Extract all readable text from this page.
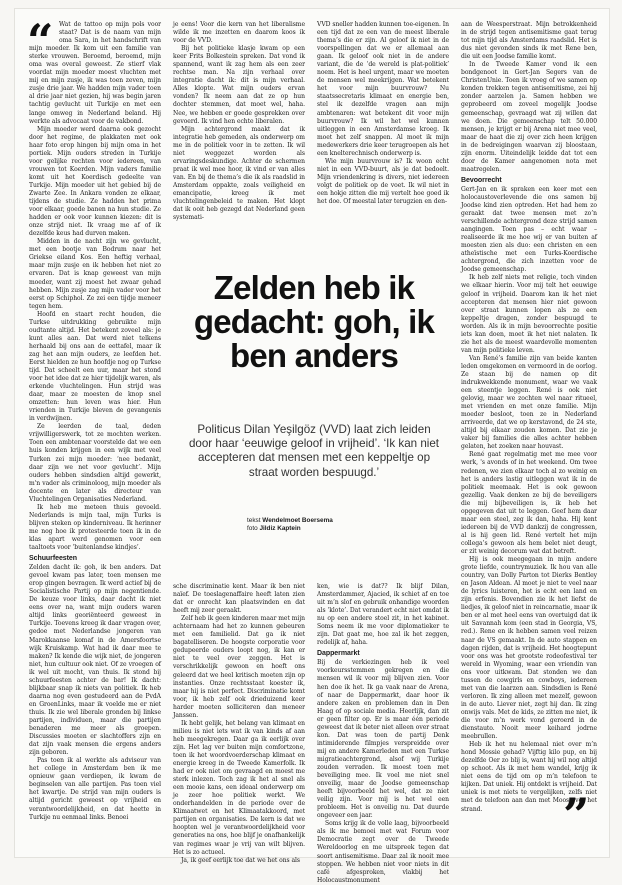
“ Wat de tattoo op mijn pols voor staat? Dat is de naam van mijn oma Sara, in het handschrift van mijn moeder. Ik kom uit een familie van sterke vrouwen. Beroemd, beroemd, mijn oma was overal geweest. Ze stierf vlak voordat mijn moeder moest vluchten met mij en mijn zusje, ik was toen zeven, mijn zusje drie jaar. We hadden mijn vader toen al drie jaar niet gezien, hij was begin jaren tachtig gevlucht uit Turkije en met een lange omweg in Nederland beland. Hij werkte als advocaat voor de vakbond.

Mijn moeder werd daarna ook gezocht door het regime, de plakkaten met ook haar foto erop hingen bij mijn oma in het portiek. Mijn ouders streden in Turkije voor gelijke rechten voor iedereen, van vrouwen tot Koerden. Mijn vaders familie komt uit het Koerdisch gedeelte van Turkije. Mijn moeder uit het gebied bij de Zwarte Zee. In Ankara vonden ze elkaar, tijdens de studie. Ze hadden het prima voor elkaar, goede banen na hun studie. Ze hadden er ook voor kunnen kiezen: dit is onze strijd niet. Ik vraag me af of ik dezelfde keus had durven maken.

Midden in de nacht zijn we gevlucht, met een bootje van Bodrum naar het Griekse eiland Kos. Een heftig verhaal, maar mijn zusje en ik hebben het niet zo ervaren. Dat is knap geweest van mijn moeder, want zij moest het zwaar gehad hebben. Mijn zusje zag mijn vader voor het eerst op Schiphol. Ze zei een tijdje meneer tegen hem.

Hoofd en staart recht houden, die Turkse uitdrukking gebruikte mijn oudtante altijd. Het betekent zoveel als: je kunt alles aan. Dat werd niet telkens herhaald bij ons aan de eettafel, maar ik zag het aan mijn ouders, ze leefden het. Eerst hielden ze hun hoofdje nog op Turkse tijd. Dat scheelt een uur, maar het stond voor het idee dat ze hier tijdelijk waren, als erkende vluchtelingen. Hun strijd was daar, maar ze moesten de knop snel omzetten: hun leven was hier. Hun vrienden in Turkije bleven de gevangenis in verdwijnen.

Ze leerden de taal, deden vrijwilligerswerk, tot ze mochten werken. Toen een ambtenaar voorstelde dat we een huis konden krijgen in een wijk met veel Turken zei mijn moeder: ‘nee bedankt, daar zijn we net voor gevlucht’. Mijn ouders hebben sindsdien altijd gewerkt, m'n vader als criminoloog, mijn moeder als docente en later als directeur van Vluchtelingen Organisaties Nederland.

Ik heb me meteen thuis gevoeld. Nederlands is mijn taal, mijn Turks is blijven steken op kinderniveau. Ik herinner me nog hoe ik protesteerde toen ik in de klas apart werd genomen voor een taaltoets voor ‘buitenlandse kindjes’.

Schuurfeesten

Zelden dacht ik: goh, ik ben anders. Dat gevoel kwam pas later, toen mensen me erop gingen bevragen. Ik werd actief bij de Socialistische Partij op mijn negentiende. De keuze voor links, daar dacht ik niet eens over na, want mijn ouders waren altijd links georiënteerd geweest in Turkije. Toevens kreeg ik daar vragen over, gedoe met Nederlandse jongeren van Marokkaanse komaf in de Amersfoortse wijk Kruiskamp. Wat had ik daar mee te maken? Ik kende die wijk niet, de jongeren niet, hun cultuur ook niet. Of ze vroegen of ik wel uit mocht, van thuis. Ik stond bij schuurfeesten achter de bar! Ik dacht: blijkbaar snap ik niets van politiek. Ik heb daarna nog even gestudeerd aan de PvdA en GroenLinks, maar ik voelde me er niet thuis. Ik zie wel liberale gronden bij linkse partijen, individuen, maar die partijen benaderen me meer als groepen. Discussies moeten er slachtoffers zijn en dat zijn vaak mensen die ergens anders zijn geboren.

Pas toen ik al werkte als adviseur van het college in Amsterdam ben ik me opnieuw gaan verdiepen, ik kwam de beginselen van alle partijen. Pas toen viel het kwartje. De strijd van mijn ouders is altijd gericht geweest op vrijheid en verantwoordelijkheid, en dat heette in Turkije nu eenmaal links. Benoei

je eens! Voor die kern van het liberalisme wilde ik me inzetten en daarom koos ik voor de VVD.

Bij het politieke klasje kwam op een keer Frits Bolkestein spreken. Dat vond ik spannend, want ik zag hem als een zeer rechtse man. Na zijn verhaal over integratie dacht ik: dit is mijn verhaal. Alles klopte. Wat mijn ouders ervan vonden? Ik neem aan dat ze op hun dochter stemmen, dat moet wel, haha. Nee, we hebben er goede gesprekken over gevoerd. Ik vind hen echte liberalen.

Mijn achtergrond maakt dat ik integratie heb gemeden, als onderwerp om me in de politiek voor in te zetten. Ik wil niet weggezet worden als ervaringsdeskundige. Achter de schermen praat ik wel mee hoor, ik vind er van alles van. En bij de thema’s die ik als raadslid in Amsterdam oppakte, zoals veiligheid en emancipatie, kreeg ik met vluchtelingenbeleid te maken. Het klopt dat ik ooit heb gezegd dat Nederland geen systemati-

VVD sneller hadden kunnen toe-eigenen. In een tijd dat ze een van de meest liberale thema’s die er zijn. Al geloof ik niet in de voorspellingen dat we er allemaal aan gaan. Ik geloof ook niet in de andere variant, die de ‘de wereld is plat-politiek’ noem. Het is heel urgent, maar we moeten de mensen wel meekrijgen. Wat betekent het voor mijn buurvrouw? Nu staatssecretaris klimaat en energie ben, stel ik dezelfde vragen aan mijn ambtenaren: wat betekent dit voor mijn buurvrouw? Ik wil het wel kunnen uitleggen in een Amsterdamse kroeg. Ik moet het zelf snappen. Al moet ik mijn medewerkers drie keer terugroepen als het een knelterechnisch onderwerp is.

Wie mijn buurvrouw is? Ik woon echt niet in een VVD-buurt, als je dat bedoelt. Mijn vriendenkring is divers, niet iedereen volgt de politiek op de voet. Ik wil niet in een hokje zitten die mij vertelt hoe goed ik het doe. Of meestal later terugzien en den-

aan de Weesperstraat. Mijn betrokkenheid in de strijd tegen antisemitisme gaat terug tot mijn tijd als Amsterdams raadslid. Het is dus niet gevonden sinds ik met Rene ben, die uit een Joodse familie komt.

In de Tweede Kamer vond ik een bondgenoot in Gert-Jan Segers van de ChristenUnie. Toen ik vroeg of we samen op konden trekken tegen antisemitisme, zei hij zonder aarzelen ja. Samen hebben we geprobeerd om zoveel mogelijk Joodse gemeenschap, gevraagd wat zij willen dat we doen. Die gemeenschap telt 50.000 mensen, je krijgt er bij Arena niet mee veel, maar de haat die zij over zich heen krijgen in de bedreigingen waarvan zij bloostaan, zijn enorm. Uiteindelijk leidde dat tot een door de Kamer aangenomen nota met maatregelen.

Bevoorrecht

Gert-Jan en ik spraken een keer met een holocaustoverlevende die ons samen bij Joodse kind zien optreden. Het had hem zo geraakt dat twee mensen met zo’n verschillende achtergrond deze strijd samen aangingen. Toen pas – echt waar – realiseerde ik me hoe wij er van buiten af moesten zien als duo: een christen en een atheïstische met een Turks-Koerdische achtergrond, die zich inzetten voor de Joodse gemeenschap.

Ik heb zelf niets met religie, toch vinden we elkaar hierin. Voor mij telt het eeuwige geloof in vrijheid. Daarom kan ik het niet accepteren dat mensen hier niet gewoon over straat kunnen lopen als ze een keppeltje dragen, zonder bespuugd te worden. Als ik in mijn bevoorrechte positie iets kan doen, moet ik het niet nalaten. Ik zie het als de meest waardevolle momenten van mijn politieke leven.

Van René’s familie zijn van beide kanten leden omgekomen en vermoord in de oorlog. Ze staan bij de namen op dit indrukwekkende monument, waar we vaak een steentje leggen. René is ook niet gelovig, maar we zochten wel naar ritueel, met vrienden en met onze familie. Mijn moeder besloot, toen ze in Nederland arriveerde, dat we op kerstavond, de 24 ste, altijd bij elkaar zouden komen. Dat zie je vaker bij families die alles achter hebben gelaten, het zoeken naar houvast.

René gaat regelmatig met me mee voor werk, 's avonds of in het weekend. Om twee redenen, we zien elkaar toch al zo weinig en het is anders lastig uitleggen wat ik in de politiek meemaak. Het is ook gewoon gezellig. Vaak denken ze bij de beveiligers die mij bijbeveiligen is, ik heb het opgegeven dat uit te leggen. Geef hem daar maar een steel, zeg ik dan, haha. Hij kent iedereen bij de VVD dankzij de congressen, al is hij geen lid. René vertelt het mijn collega’s gewoon als hem belet niet deugt, er zit weinig decorum wat dat betreft.

Hij is ook meegegaan in mijn andere grote liefde, countrymuziek. Ik hou van alle country, van Dolly Parton tot Dierks Bentley en Jason Aldean. Al moet je niet te veel naar de lyrics luisteren, het is echt een land en zijn erfenis. Bovendien zie ik het liefst de liedjes, ik geloof niet in reincarnatie, maar ik ben er al met heel eens van overtuigd dat ik uit Savannah kom (een stad in Georgia, VS, red.). Rene en ik hebben samen veel reizen naar de VS gemaakt. In de auto stappen en dagen rijden, dat is vrijheid. Het hoogtepunt voor ons was het grootste rodeofestival ter wereld in Wyoming, waar een vriendin van ons voor uitkwam. Dat stonden we dan tussen de cowgirls en cowboys, iedereen met van die laarzen aan. Sindsdien is René verloren. Ik zing alleen met mezelf, gewoon in de auto. Liever niet, zegt hij dan. Ik zing onwijs vals. Met de kids, ze zitten me niet, ik die voor m’n werk vond geroerd in de dienstauto. Nooit meer keihard jodrne meebrullen.

Heb ik het nu helemaal niet over m’n hond Mossie gehad? Vijftig kilo pup, en bij dezelfde Oer zo blij is, want hij wil nog altijd op schoot. Als ik met hem wandel, krijg ik niet eens de tijd om op m’n telefoon te kijken. Dat uniek. Hij ontdekt is vrijheid. Dat uniek is met niets te vergelijken, zelfs niet met de telefoon aan dan met Moos over het strand.

Zelden heb ik gedacht: goh, ik ben anders

Politicus Dilan Yeşilgöz (VVD) laat zich leiden door haar ‘eeuwige geloof in vrijheid’. ‘Ik kan niet accepteren dat mensen met een keppeltje op straat worden bespuugd.’

tekst Wendelmoet Boersema
foto Jildiz Kaptein

sche discriminatie kent. Maar ik ben niet naïef. De toeslagenaffaire heeft laten zien dat er onrecht kan plaatsvinden en dat heeft mij zeer geraakt.

Zelf heb ik geen kinderen maar met mijn achternaam had het zo kunnen gebeuren met een familielid. Dat ga ik niet bagatelliseren. De hoogste corporatie voor gedupeerde ouders loopt nog, ik kan er niet te veel over zeggen. Het is verschrikkelijk gewoon en hoeft ons geleerd dat we heel kritisch moeten zijn op instanties. Onze rechtsstaat koester ik, maar hij is niet perfect. Discriminatie komt voor, ik heb zelf ook drieduizend keer harder moeten solliciteren dan meneer Janssen.

Ik hebt gelijk, het belang van klimaat en milieu is niet iets wat ik van kinds af aan heb meegekregen. Daar ga ik eerlijk over zijn. Het lag ver buiten mijn comfortzone, toen ik het woordvoerderschap klimaat en energie kreeg in de Tweede Kamerfolk. Ik had er ook niet om gevraagd en moest me sterk inlezen. Toch zag ik het al snel als een mooie kans, een ideaal onderwerp om je zeer hoe politiek werkt. We onderhandelden in de periode over de Klimaatwet en het Klimaatakkoord, met partijen en organisaties. De kern is dat we hoopten wel je verantwoordelijkheid voor generaties na ons, hoe blijf je onafhankelijk van regimes waar je vrij van wilt blijven. Het is zo actueel.

Ja, ik geef eerlijk toe dat we het ons als

ken, wie is dat?? Ik blijf Dilan, Amsterdammer, Ajacied, ik schiet af en toe uit m’n slof en gebruik onhandige woorden als ‘klote’. Dat verandert echt niet omdat ik nu op een andere stoel zit, in het kabinet. Soms neem ik me voor diplomatieker te zijn. Dat gaat me, hoe zal ik het zeggen, redelijk af, haha.

Dappermarkt

Bij de verkiezingen heb ik veel voorkeursstemmen gekregen en die mensen wil ik voor mij blijven zien. Voor hen doe ik het. Ik ga vaak naar de Arena, of naar de Dappermarkt, daar hoor ik andere zaken en problemen dan in Den Haag of op sociale media. Heerlijk, dan zit er geen filter op. Er is maar één periode geweest dat ik beter niet alleen over straat kon. Dat was toen de partij Denk intimiderende filmpjes verspreidde over mij en andere Kamerleden met een Turkse migratieachtergrond, alsof wij Turkije zouden verraden. Ik moest toen met beveiliging mee. Ik voel me niet snel onveilig, maar de Joodse gemeenschap heeft bijvoorbeeld het wel, dat ze niet veilig zijn. Voor mij is het wel een probleem. Het is onveilig nu. Dat duurde ongeveer een jaar.

Soms krijg ik de volle laag, bijvoorbeeld als ik me bemoei met wat Forum voor Democratie zegt over de Tweede Wereldoorlog en me uitspreek tegen dat soort antisemitisme. Daar zal ik nooit mee stoppen. We hebben niet voor niets in dit café afgesproken, vlakbij het Holocaustmonument

”
